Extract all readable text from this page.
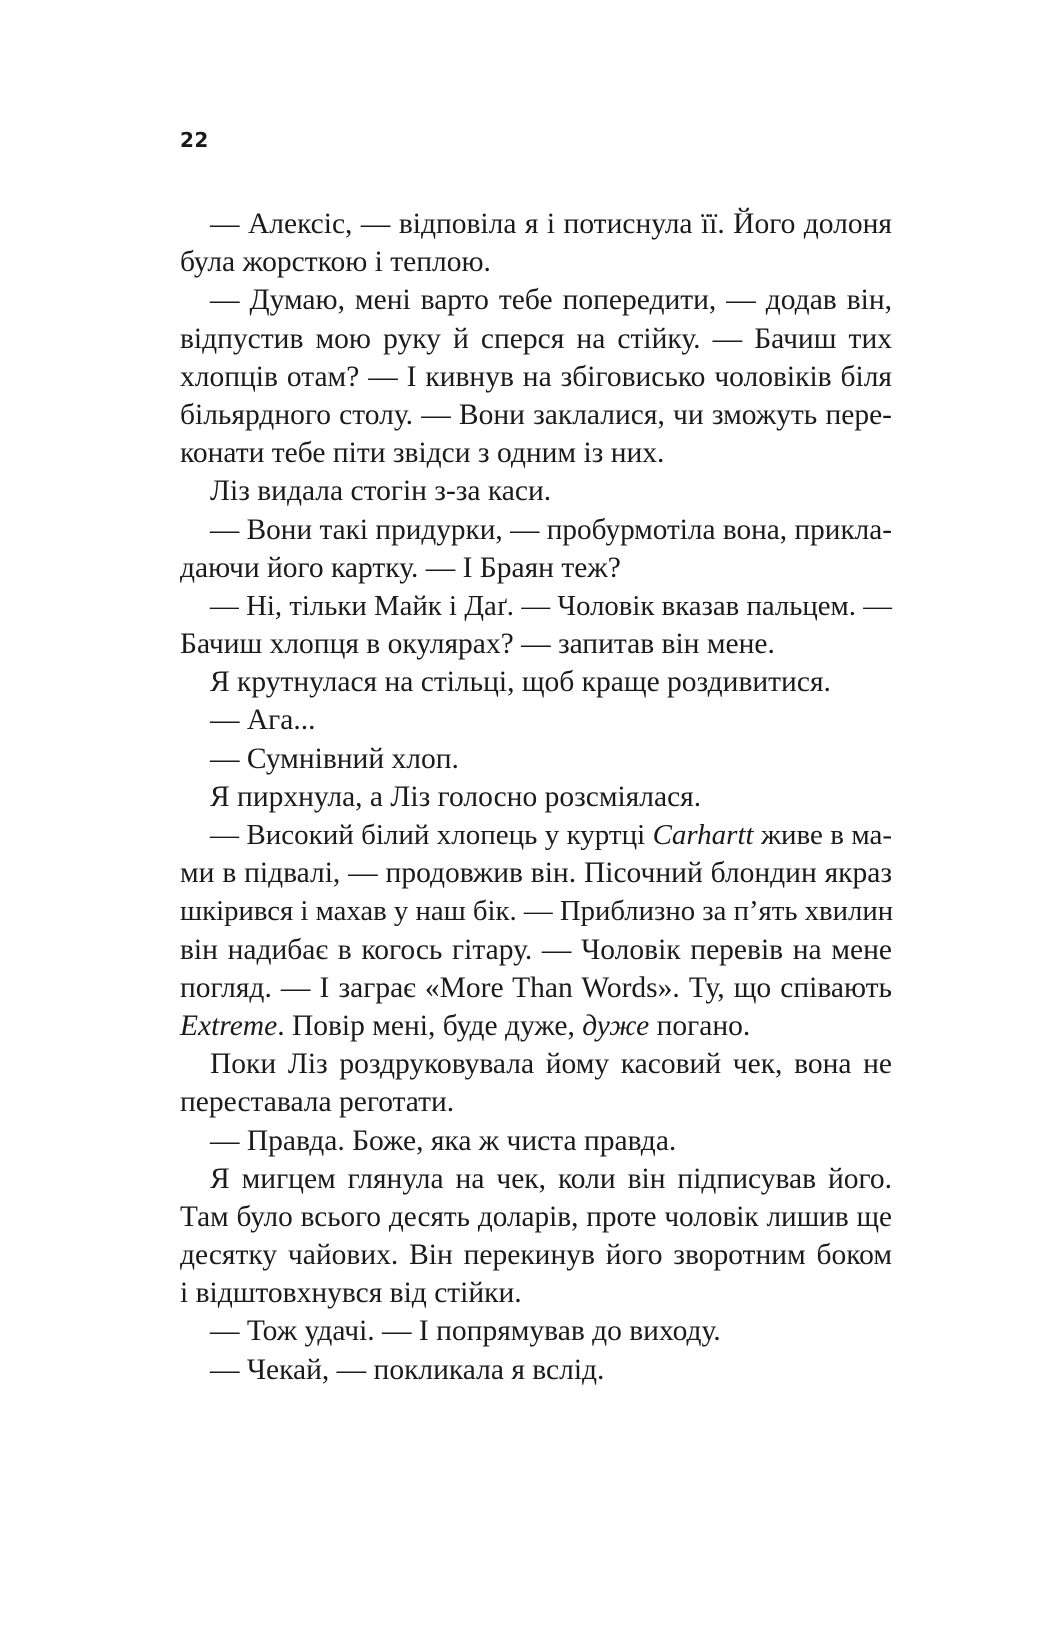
22
— Алексіс, — відповіла я і потиснула її. Його долоня
була жорсткою і теплою.
— Думаю, мені варто тебе попередити, — додав він,
відпустив мою руку й сперся на стійку. — Бачиш тих
хлопців отам? — І кивнув на збіговисько чоловіків біля
більярдного столу. — Вони заклалися, чи зможуть пере-
конати тебе піти звідси з одним із них.
Ліз видала стогін з-за каси.
— Вони такі придурки, — пробурмотіла вона, прикла-
даючи його картку. — І Браян теж?
— Ні, тільки Майк і Даґ. — Чоловік вказав пальцем. —
Бачиш хлопця в окулярах? — запитав він мене.
Я крутнулася на стільці, щоб краще роздивитися.
— Ага...
— Сумнівний хлоп.
Я пирхнула, а Ліз голосно розсміялася.
— Високий білий хлопець у куртці Carhartt живе в ма-
ми в підвалі, — продовжив він. Пісочний блондин якраз
шкірився і махав у наш бік. — Приблизно за п’ять хвилин
він надибає в когось гітару. — Чоловік перевів на мене
погляд. — І заграє «More Than Words». Ту, що співають
Extreme. Повір мені, буде дуже, дуже погано.
Поки Ліз роздруковувала йому касовий чек, вона не
переставала реготати.
— Правда. Боже, яка ж чиста правда.
Я мигцем глянула на чек, коли він підписував його.
Там було всього десять доларів, проте чоловік лишив ще
десятку чайових. Він перекинув його зворотним боком
і відштовхнувся від стійки.
— Тож удачі. — І попрямував до виходу.
— Чекай, — покликала я вслід.
